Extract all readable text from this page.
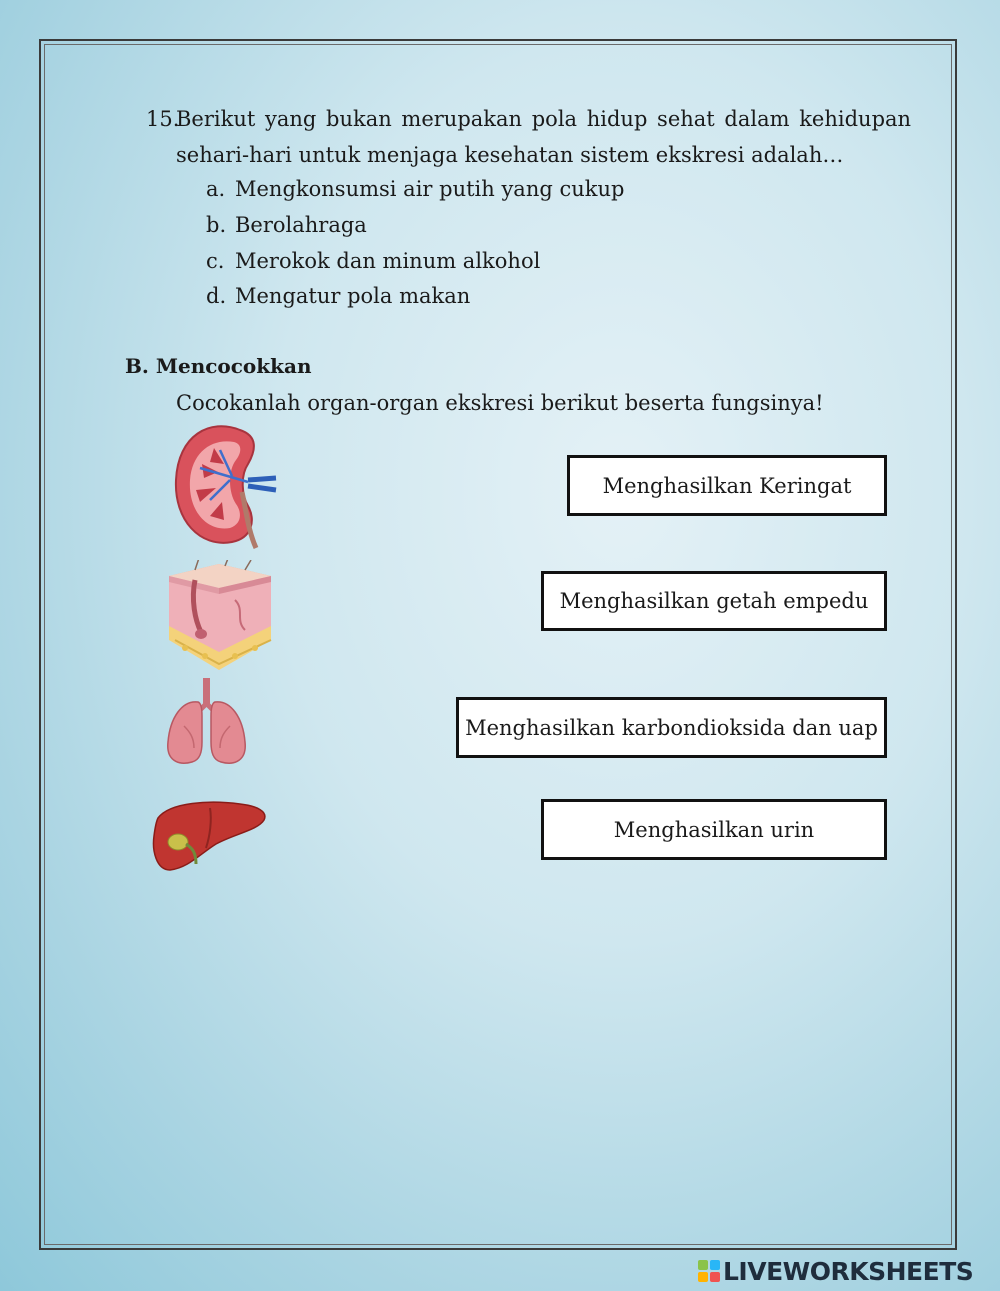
15.
Berikut yang bukan merupakan pola hidup sehat dalam kehidupan
sehari-hari untuk menjaga kesehatan sistem ekskresi adalah…
a. Mengkonsumsi air putih yang cukup
b. Berolahraga
c. Merokok dan minum alkohol
d. Mengatur pola makan
B. Mencocokkan
Cocokanlah organ-organ ekskresi berikut beserta fungsinya!
Menghasilkan Keringat
Menghasilkan getah empedu
Menghasilkan karbondioksida dan uap
Menghasilkan urin
LIVEWORKSHEETS
